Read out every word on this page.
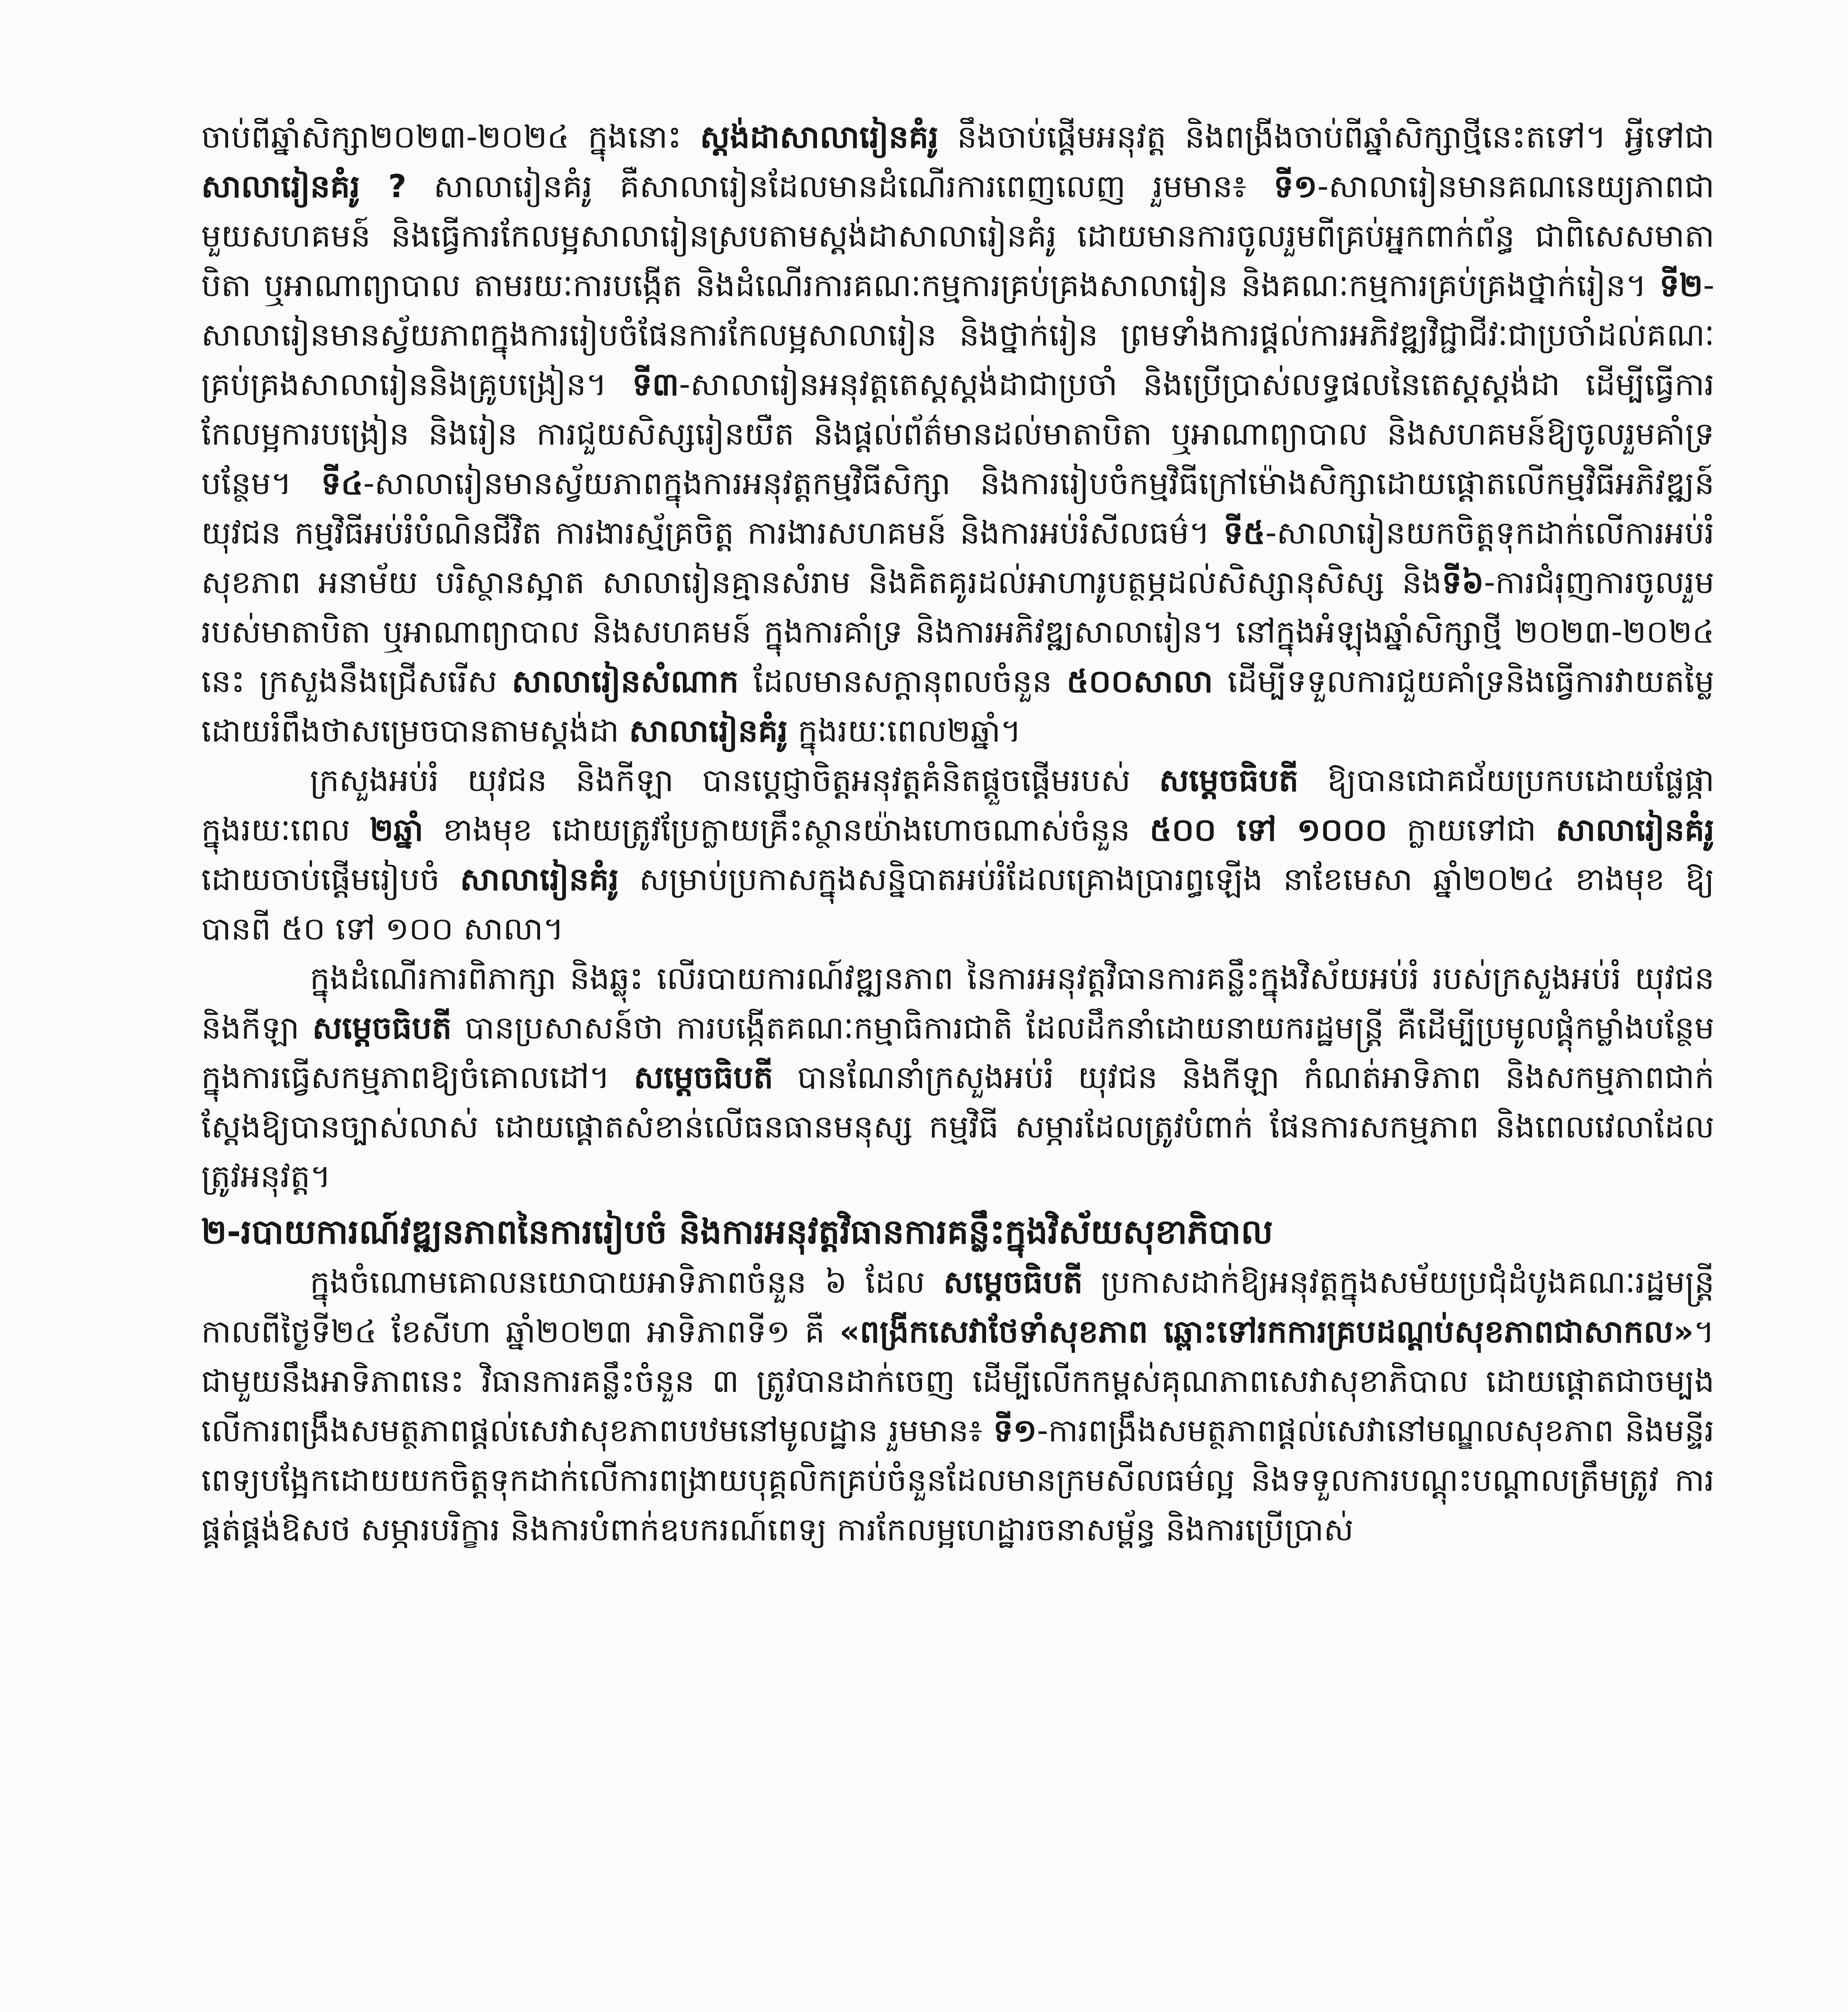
ចាប់ពីឆ្នាំសិក្សា២០២៣-២០២៤ ក្នុងនោះ ស្តង់ដាសាលារៀនគំរូ នឹងចាប់ផ្តើមអនុវត្ត និងពង្រីងចាប់ពីឆ្នាំសិក្សាថ្មីនេះតទៅ។ អ្វីទៅជា សាលារៀនគំរូ ? សាលារៀនគំរូ គឺសាលារៀនដែលមានដំណើរការពេញលេញ រួមមាន៖ ទី១-សាលារៀនមានគណនេយ្យភាពជាមួយសហគមន៍ និងធ្វើការកែលម្អសាលារៀនស្របតាមស្តង់ដាសាលារៀនគំរូ ដោយមានការចូលរួមពីគ្រប់អ្នកពាក់ព័ន្ធ ជាពិសេសមាតាបិតា ឬអាណាព្យាបាល តាមរយៈការបង្កើត និងដំណើរការគណៈកម្មការគ្រប់គ្រងសាលារៀន និងគណៈកម្មការគ្រប់គ្រងថ្នាក់រៀន។ ទី២-សាលារៀនមានស្វ័យភាពក្នុងការរៀបចំផែនការកែលម្អសាលារៀន និងថ្នាក់រៀន ព្រមទាំងការផ្តល់ការអភិវឌ្ឍវិជ្ជាជីវៈជាប្រចាំដល់គណៈគ្រប់គ្រងសាលារៀននិងគ្រូបង្រៀន។ ទី៣-សាលារៀនអនុវត្តតេស្តស្តង់ដាជាប្រចាំ និងប្រើប្រាស់លទ្ធផលនៃតេស្តស្តង់ដា ដើម្បីធ្វើការកែលម្អការបង្រៀន និងរៀន ការជួយសិស្សរៀនយឺត និងផ្តល់ព័ត៌មានដល់មាតាបិតា ឬអាណាព្យាបាល និងសហគមន៍ឱ្យចូលរួមគាំទ្របន្ថែម។ ទី៤-សាលារៀនមានស្វ័យភាពក្នុងការអនុវត្តកម្មវិធីសិក្សា និងការរៀបចំកម្មវិធីក្រៅម៉ោងសិក្សាដោយផ្តោតលើកម្មវិធីអភិវឌ្ឍន៍យុវជន កម្មវិធីអប់រំបំណិនជីវិត ការងារស្ម័គ្រចិត្ត ការងារសហគមន៍ និងការអប់រំសីលធម៌។ ទី៥-សាលារៀនយកចិត្តទុកដាក់លើការអប់រំសុខភាព អនាម័យ បរិស្ថានស្អាត សាលារៀនគ្មានសំរាម និងគិតគូរដល់អាហារូបត្ថម្ភដល់សិស្សានុសិស្ស និងទី៦-ការជំរុញការចូលរួមរបស់មាតាបិតា ឬអាណាព្យាបាល និងសហគមន៍ ក្នុងការគាំទ្រ និងការអភិវឌ្ឍសាលារៀន។ នៅក្នុងអំឡុងឆ្នាំសិក្សាថ្មី ២០២៣-២០២៤ នេះ ក្រសួងនឹងជ្រើសរើស សាលារៀនសំណាក ដែលមានសក្តានុពលចំនួន ៥០០សាលា ដើម្បីទទួលការជួយគាំទ្រនិងធ្វើការវាយតម្លៃ ដោយរំពឹងថាសម្រេចបានតាមស្តង់ដា សាលារៀនគំរូ ក្នុងរយៈពេល២ឆ្នាំ។

ក្រសួងអប់រំ យុវជន និងកីឡា បានប្តេជ្ញាចិត្តអនុវត្តគំនិតផ្តួចផ្តើមរបស់ សម្តេចធិបតី ឱ្យបានជោគជ័យប្រកបដោយផ្លែផ្កា ក្នុងរយៈពេល ២ឆ្នាំ ខាងមុខ ដោយត្រូវប្រែក្លាយគ្រឹះស្ថានយ៉ាងហោចណាស់ចំនួន ៥០០ ទៅ ១០០០ ក្លាយទៅជា សាលារៀនគំរូ ដោយចាប់ផ្តើមរៀបចំ សាលារៀនគំរូ សម្រាប់ប្រកាសក្នុងសន្និបាតអប់រំដែលគ្រោងប្រារព្ធឡើង នាខែមេសា ឆ្នាំ២០២៤ ខាងមុខ ឱ្យបានពី ៥០ ទៅ ១០០ សាលា។

ក្នុងដំណើរការពិភាក្សា និងឆ្លុះ លើរបាយការណ៍វឌ្ឍនភាព នៃការអនុវត្តវិធានការគន្លឹះក្នុងវិស័យអប់រំ របស់ក្រសួងអប់រំ យុវជន និងកីឡា សម្តេចធិបតី បានប្រសាសន៍ថា ការបង្កើតគណៈកម្មាធិការជាតិ ដែលដឹកនាំដោយនាយករដ្ឋមន្ត្រី គឺដើម្បីប្រមូលផ្តុំកម្លាំងបន្ថែមក្នុងការធ្វើសកម្មភាពឱ្យចំគោលដៅ។ សម្តេចធិបតី បានណែនាំក្រសួងអប់រំ យុវជន និងកីឡា កំណត់អាទិភាព និងសកម្មភាពជាក់ស្តែងឱ្យបានច្បាស់លាស់ ដោយផ្តោតសំខាន់លើធនធានមនុស្ស កម្មវិធី សម្ភារដែលត្រូវបំពាក់ ផែនការសកម្មភាព និងពេលវេលាដែលត្រូវអនុវត្ត។

២-របាយការណ៍វឌ្ឍនភាពនៃការរៀបចំ និងការអនុវត្តវិធានការគន្លឹះក្នុងវិស័យសុខាភិបាល

ក្នុងចំណោមគោលនយោបាយអាទិភាពចំនួន ៦ ដែល សម្តេចធិបតី ប្រកាសដាក់ឱ្យអនុវត្តក្នុងសម័យប្រជុំដំបូងគណៈរដ្ឋមន្ត្រី កាលពីថ្ងៃទី២៤ ខែសីហា ឆ្នាំ២០២៣ អាទិភាពទី១ គឺ «ពង្រីកសេវាថែទាំសុខភាព ឆ្ពោះទៅរកការគ្របដណ្តប់សុខភាពជាសាកល»។ ជាមួយនឹងអាទិភាពនេះ វិធានការគន្លឹះចំនួន ៣ ត្រូវបានដាក់ចេញ ដើម្បីលើកកម្ពស់គុណភាពសេវាសុខាភិបាល ដោយផ្តោតជាចម្បងលើការពង្រឹងសមត្ថភាពផ្តល់សេវាសុខភាពបឋមនៅមូលដ្ឋាន រួមមាន៖ ទី១-ការពង្រឹងសមត្ថភាពផ្តល់សេវានៅមណ្ឌលសុខភាព និងមន្ទីរពេទ្យបង្អែកដោយយកចិត្តទុកដាក់លើការពង្រាយបុគ្គលិកគ្រប់ចំនួនដែលមានក្រមសីលធម៌ល្អ និងទទួលការបណ្តុះបណ្តាលត្រឹមត្រូវ ការផ្គត់ផ្គង់ឱសថ សម្ភារបរិក្ខារ និងការបំពាក់ឧបករណ៍ពេទ្យ ការកែលម្អហេដ្ឋារចនាសម្ព័ន្ធ និងការប្រើប្រាស់
